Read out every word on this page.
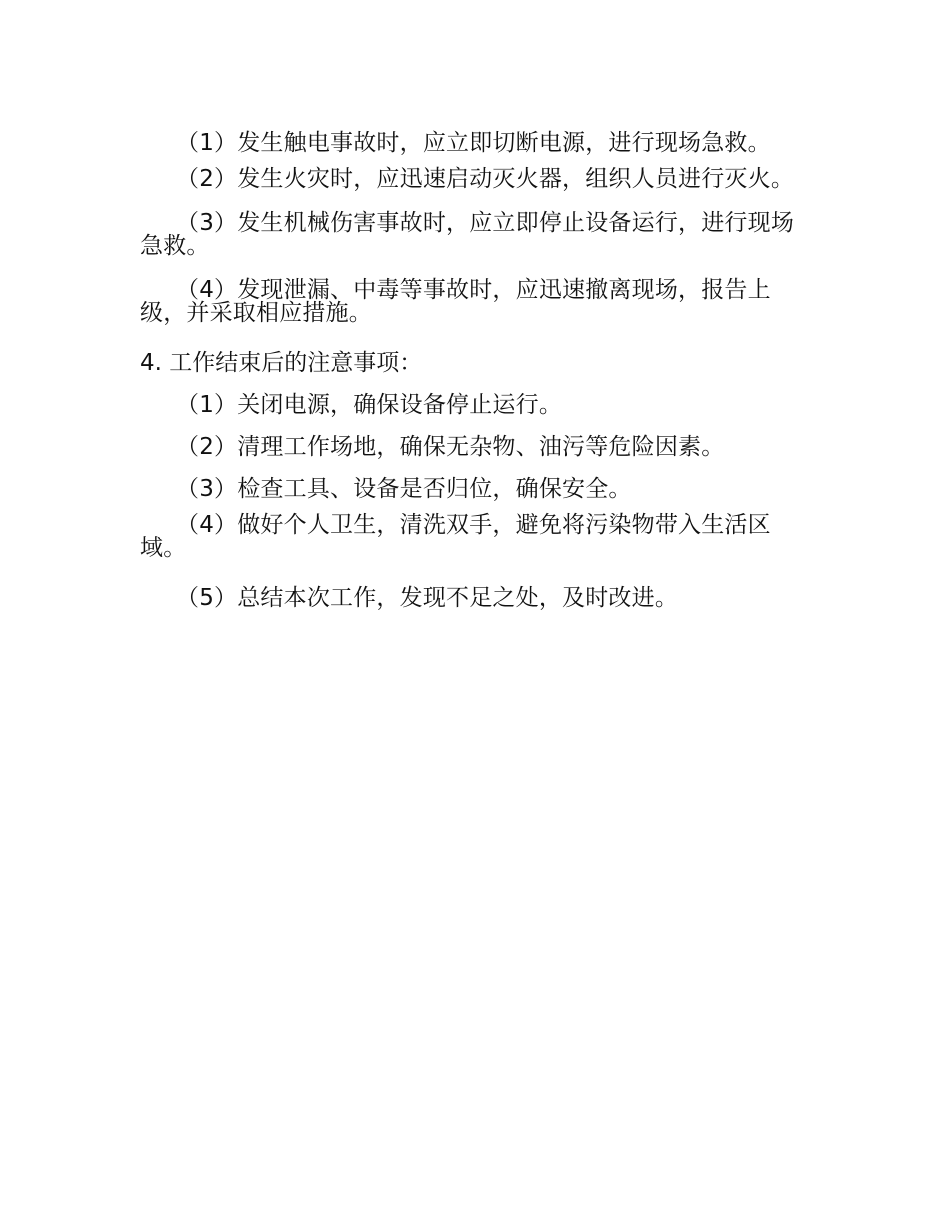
（1）发生触电事故时，应立即切断电源，进行现场急救。

（2）发生火灾时，应迅速启动灭火器，组织人员进行灭火。

（3）发生机械伤害事故时，应立即停止设备运行，进行现场急救。

（4）发现泄漏、中毒等事故时，应迅速撤离现场，报告上级，并采取相应措施。

4. 工作结束后的注意事项：

（1）关闭电源，确保设备停止运行。

（2）清理工作场地，确保无杂物、油污等危险因素。

（3）检查工具、设备是否归位，确保安全。

（4）做好个人卫生，清洗双手，避免将污染物带入生活区域。

（5）总结本次工作，发现不足之处，及时改进。
